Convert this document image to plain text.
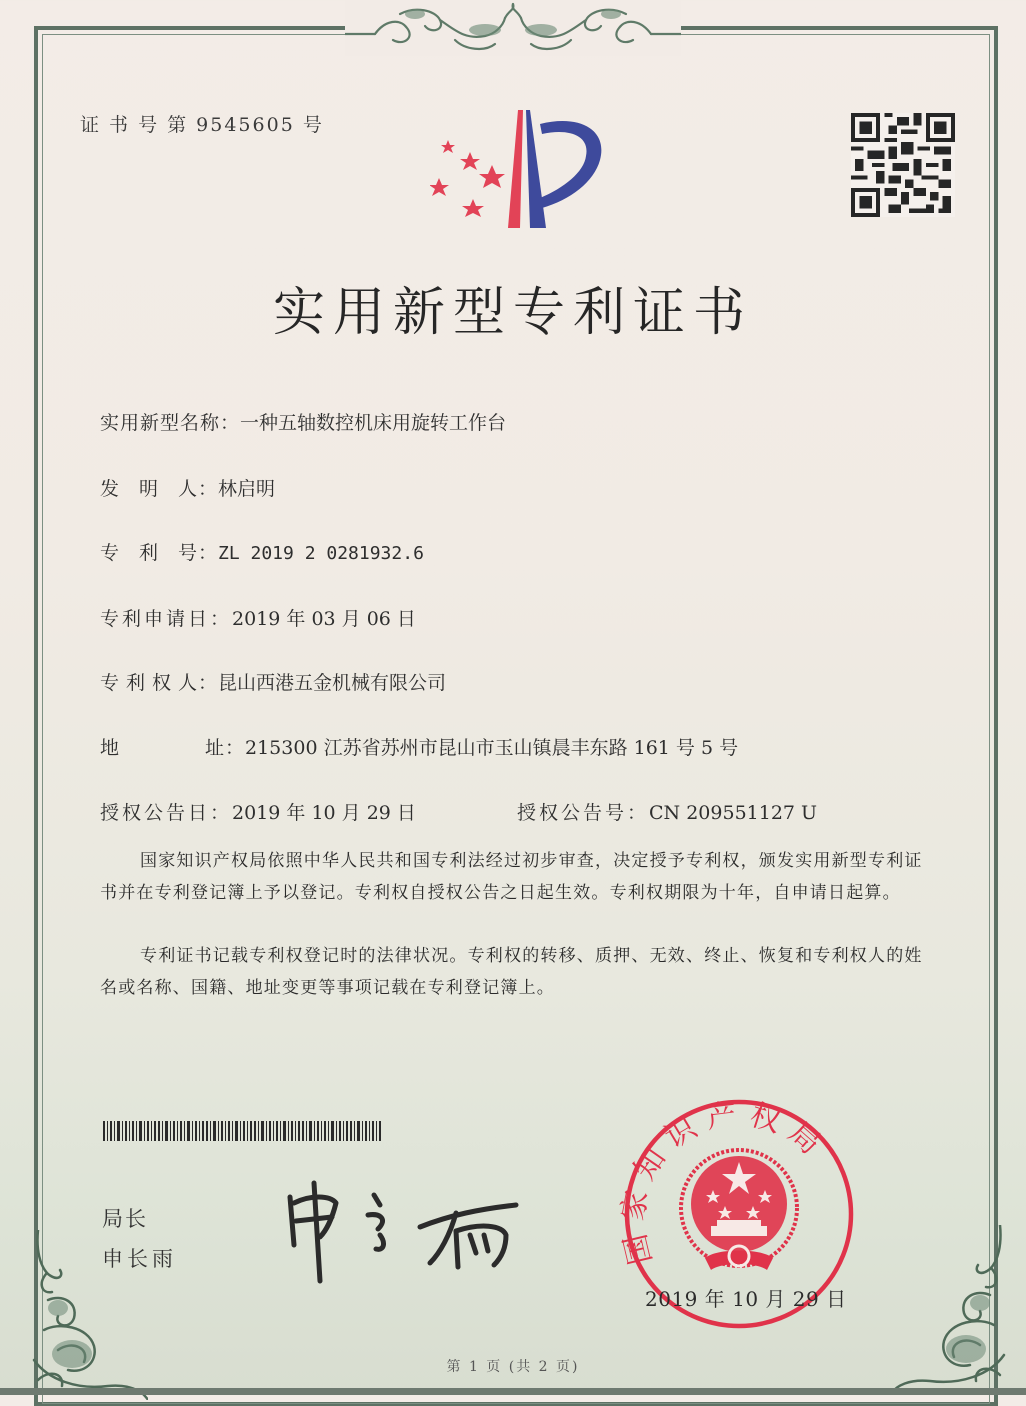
证 书 号 第 9545605 号
实用新型专利证书
实用新型名称：一种五轴数控机床用旋转工作台
发 明 人： 林启明
专 利 号： ZL 2019 2 0281932.6
专利申请日：2019 年 03 月 06 日
专 利 权 人： 昆山西港五金机械有限公司
地	址： 215300 江苏省苏州市昆山市玉山镇晨丰东路 161 号 5 号
授权公告日：2019 年 10 月 29 日	授权公告号：CN 209551127 U
国家知识产权局依照中华人民共和国专利法经过初步审查，决定授予专利权，颁发实用新型专利证书并在专利登记簿上予以登记。专利权自授权公告之日起生效。专利权期限为十年，自申请日起算。
专利证书记载专利权登记时的法律状况。专利权的转移、质押、无效、终止、恢复和专利权人的姓名或名称、国籍、地址变更等事项记载在专利登记簿上。
局长
申长雨	国家知识产权局
2019 年 10 月 29 日
第 1 页 (共 2 页)
